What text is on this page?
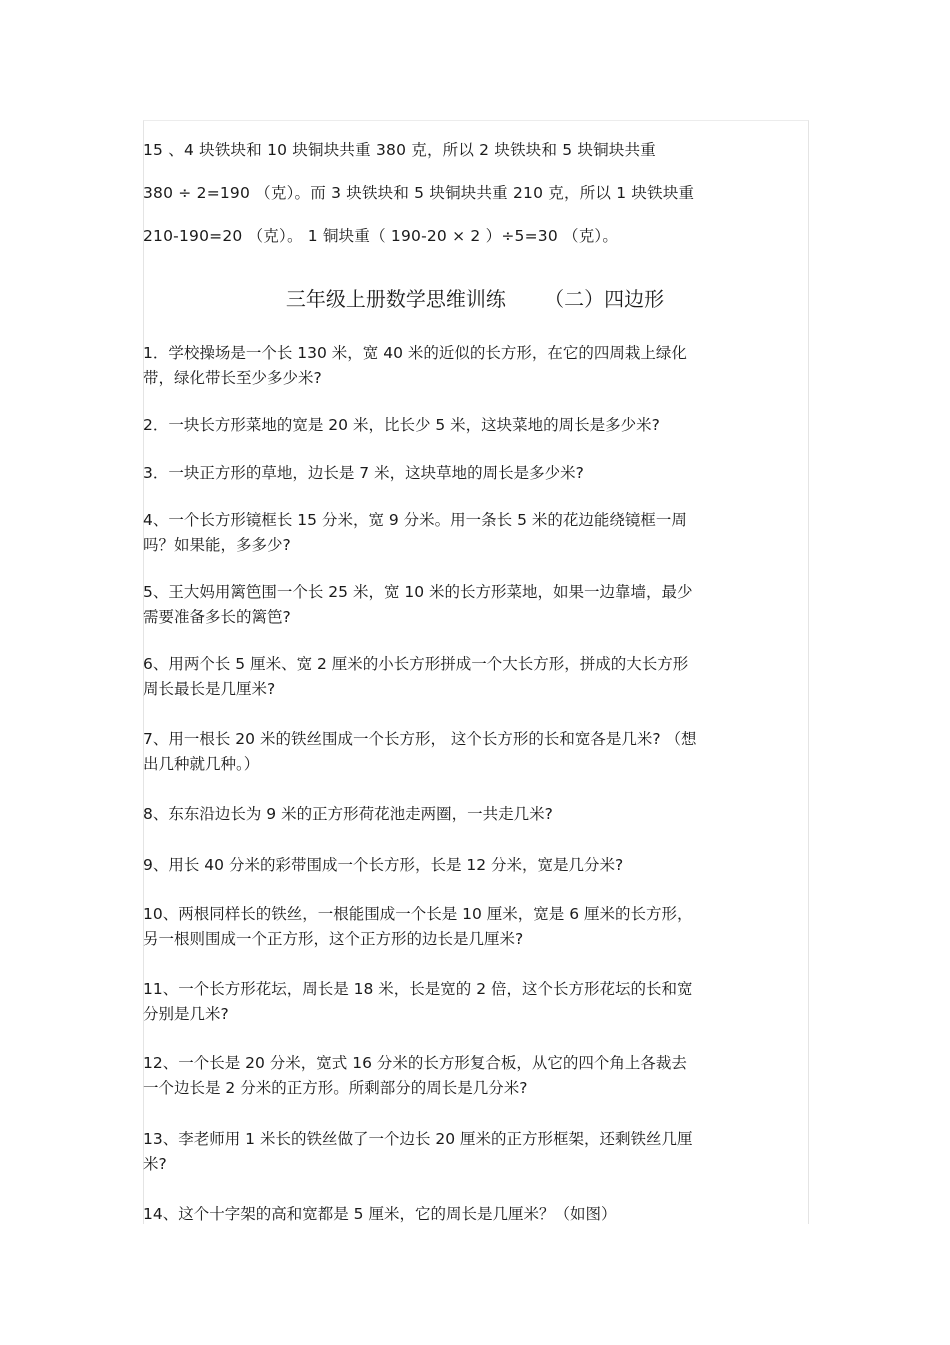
15 、4 块铁块和 10 块铜块共重 380 克，所以 2 块铁块和 5 块铜块共重
380 ÷ 2=190 （克）。而 3 块铁块和 5 块铜块共重 210 克，所以 1 块铁块重
210-190=20 （克）。 1 铜块重（ 190-20 × 2 ）÷5=30 （克）。
三年级上册数学思维训练      （二）四边形
1．学校操场是一个长 130 米，宽 40 米的近似的长方形，在它的四周栽上绿化
带，绿化带长至少多少米?
2．一块长方形菜地的宽是 20 米，比长少 5 米，这块菜地的周长是多少米?
3．一块正方形的草地，边长是 7 米，这块草地的周长是多少米?
4、一个长方形镜框长 15 分米，宽 9 分米。用一条长 5 米的花边能绕镜框一周
吗？如果能，多多少?
5、王大妈用篱笆围一个长 25 米，宽 10 米的长方形菜地，如果一边靠墙，最少
需要准备多长的篱笆?
6、用两个长 5 厘米、宽 2 厘米的小长方形拼成一个大长方形，拼成的大长方形
周长最长是几厘米?
7、用一根长 20 米的铁丝围成一个长方形， 这个长方形的长和宽各是几米? （想
出几种就几种。）
8、东东沿边长为 9 米的正方形荷花池走两圈，一共走几米?
9、用长 40 分米的彩带围成一个长方形，长是 12 分米，宽是几分米?
10、两根同样长的铁丝，一根能围成一个长是 10 厘米，宽是 6 厘米的长方形，
另一根则围成一个正方形，这个正方形的边长是几厘米?
11、一个长方形花坛，周长是 18 米，长是宽的 2 倍，这个长方形花坛的长和宽
分别是几米?
12、一个长是 20 分米，宽式 16 分米的长方形复合板，从它的四个角上各裁去
一个边长是 2 分米的正方形。所剩部分的周长是几分米?
13、李老师用 1 米长的铁丝做了一个边长 20 厘米的正方形框架，还剩铁丝几厘
米?
14、这个十字架的高和宽都是 5 厘米，它的周长是几厘米？（如图）
